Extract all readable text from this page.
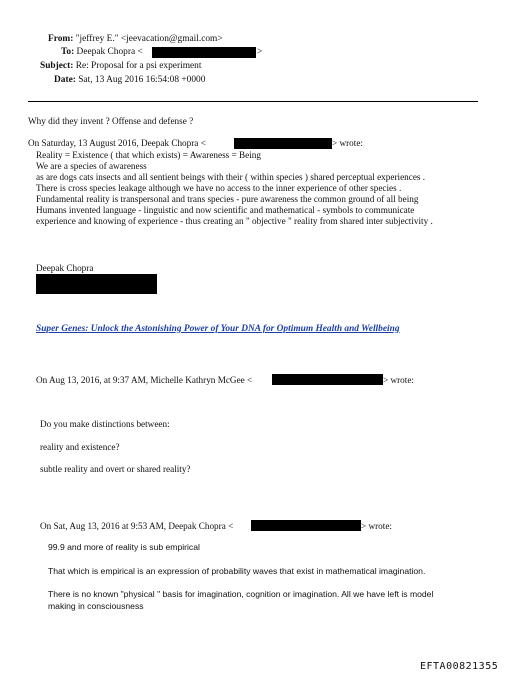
From: "jeffrey E." <jeevacation@gmail.com>
To: Deepak Chopra <	>
Subject: Re: Proposal for a psi experiment
Date: Sat, 13 Aug 2016 16:54:08 +0000
Why did they invent ? Offense and defense ?
On Saturday, 13 August 2016, Deepak Chopra <	> wrote:
Reality = Existence ( that which exists) = Awareness = Being
We are a species of awareness
as are dogs cats insects and all sentient beings with their ( within species ) shared perceptual experiences .
There is cross species leakage although we have no access to the inner experience of other species .
Fundamental reality is transpersonal and trans species - pure awareness the common ground of all being
Humans invented language - linguistic and now scientific and mathematical - symbols to communicate
experience and knowing of experience - thus creating an " objective " reality from shared inter subjectivity .
Deepak Chopra
Super Genes: Unlock the Astonishing Power of Your DNA for Optimum Health and Wellbeing
On Aug 13, 2016, at 9:37 AM, Michelle Kathryn McGee <	> wrote:
Do you make distinctions between:
reality and existence?
subtle reality and overt or shared reality?
On Sat, Aug 13, 2016 at 9:53 AM, Deepak Chopra <	> wrote:
99.9 and more of reality is sub empirical
That which is empirical is an expression of probability waves that exist in mathematical imagination.
There is no known "physical " basis for imagination, cognition or imagination. All we have left is model
making in consciousness
EFTA00821355
